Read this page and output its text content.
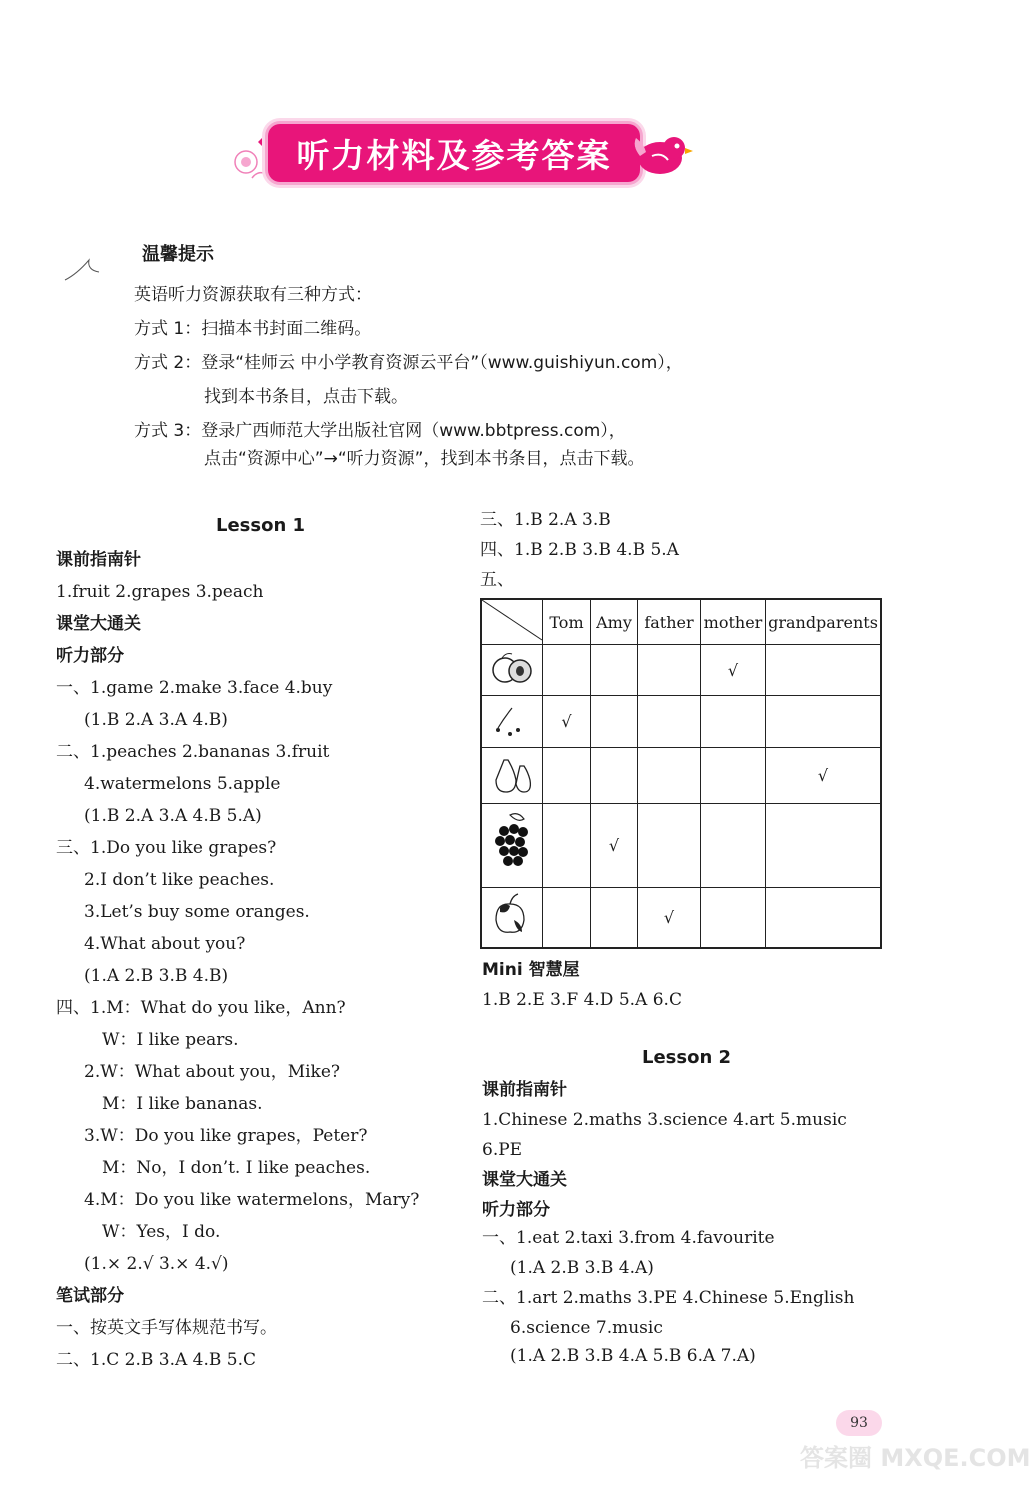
听力材料及参考答案
温馨提示
英语听力资源获取有三种方式：
方式 1：扫描本书封面二维码。
方式 2：登录“桂师云 中小学教育资源云平台”（www.guishiyun.com），
找到本书条目，点击下载。
方式 3：登录广西师范大学出版社官网（www.bbtpress.com），
点击“资源中心”→“听力资源”，找到本书条目，点击下载。
Lesson 1
课前指南针
1.fruit 2.grapes 3.peach
课堂大通关
听力部分
一、1.game 2.make 3.face 4.buy
(1.B 2.A 3.A 4.B)
二、1.peaches 2.bananas 3.fruit
4.watermelons 5.apple
(1.B 2.A 3.A 4.B 5.A)
三、1.Do you like grapes?
2.I don’t like peaches.
3.Let’s buy some oranges.
4.What about you?
(1.A 2.B 3.B 4.B)
四、1.M：What do you like，Ann?
W：I like pears.
2.W：What about you，Mike?
M：I like bananas.
3.W：Do you like grapes，Peter?
M：No，I don’t. I like peaches.
4.M：Do you like watermelons，Mary?
W：Yes，I do.
(1.× 2.√ 3.× 4.√)
笔试部分
一、按英文手写体规范书写。
二、1.C 2.B 3.A 4.B 5.C
三、1.B 2.A 3.B
四、1.B 2.B 3.B 4.B 5.A
五、
	Tom	Amy	father	mother	grandparents
				√	
	√				
					√
		√			
			√		
Mini 智慧屋
1.B 2.E 3.F 4.D 5.A 6.C
Lesson 2
课前指南针
1.Chinese 2.maths 3.science 4.art 5.music
6.PE
课堂大通关
听力部分
一、1.eat 2.taxi 3.from 4.favourite
(1.A 2.B 3.B 4.A)
二、1.art 2.maths 3.PE 4.Chinese 5.English
6.science 7.music
(1.A 2.B 3.B 4.A 5.B 6.A 7.A)
93
答案圈 MXQE.COM
